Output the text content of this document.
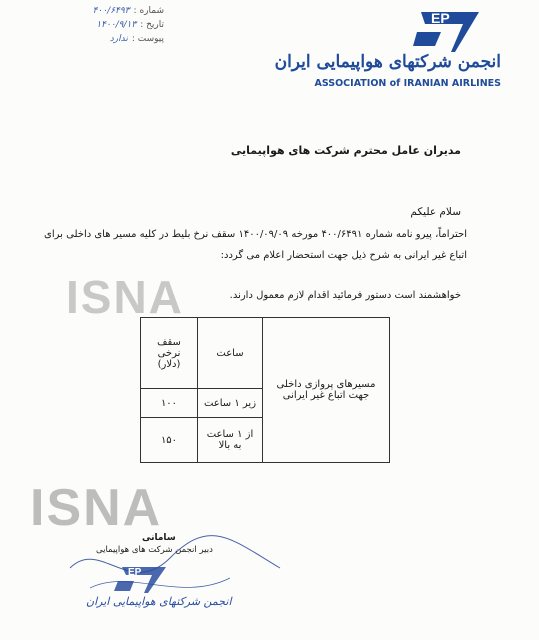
شماره :
۴۰۰/۶۴۹۳
تاریخ :
۱۴۰۰/۹/۱۳
پیوست :
ندارد
EP
انجمن شرکتهای هواپیمایی ایران
ASSOCIATION of IRANIAN AIRLINES
مدیران عامل محترم شرکت های هواپیمایی
سلام علیکم
احتراماً، پیرو نامه شماره ۴۰۰/۶۴۹۱ مورخه ۱۴۰۰/۰۹/۰۹ سقف نرخ بلیط در کلیه مسیر های داخلی برای اتباع غیر ایرانی به شرح ذیل جهت استحضار اعلام می گردد:
خواهشمند است دستور فرمائید اقدام لازم معمول دارند.
مسیرهای پروازی داخلی جهت اتباع غیر ایرانی	ساعت	سقف نرخی (دلار)
	زیر ۱ ساعت	۱۰۰
	از ۱ ساعت به بالا	۱۵۰
ISNA
ISNA
سامانی
دبیر انجمن شرکت های هواپیمایی
EP
انجمن شرکتهای هواپیمایی ایران
